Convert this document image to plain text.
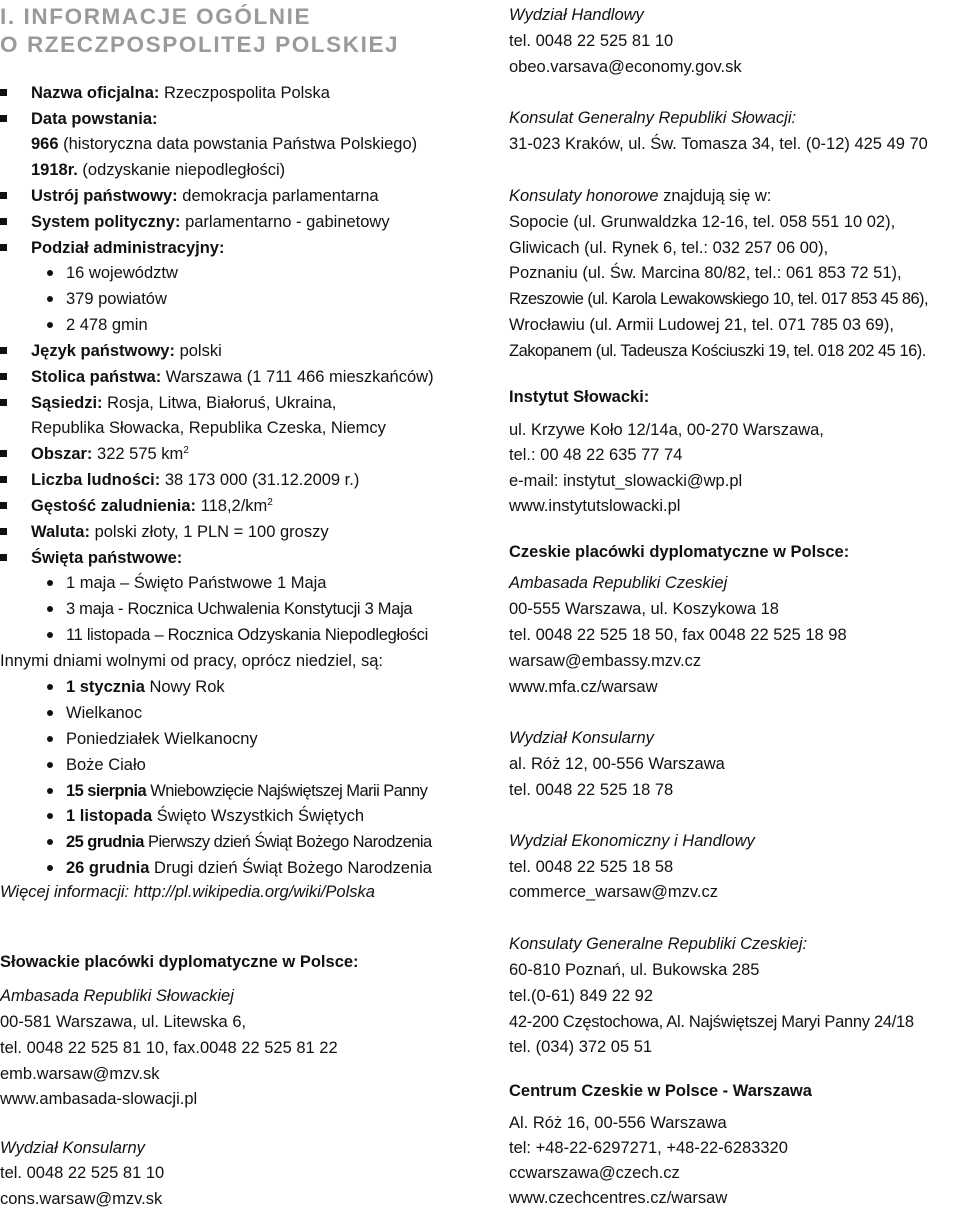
I. INFORMACJE OGÓLNIE
O RZECZPOSPOLITEJ POLSKIEJ
Nazwa oficjalna: Rzeczpospolita Polska
Data powstania:
966 (historyczna data powstania Państwa Polskiego)
1918r. (odzyskanie niepodległości)
Ustrój państwowy: demokracja parlamentarna
System polityczny: parlamentarno - gabinetowy
Podział administracyjny:
16 województw
379 powiatów
2 478 gmin
Język państwowy: polski
Stolica państwa: Warszawa (1 711 466 mieszkańców)
Sąsiedzi: Rosja, Litwa, Białoruś, Ukraina,
Republika Słowacka, Republika Czeska, Niemcy
Obszar: 322 575 $km^2$
Liczba ludności: 38 173 000 (31.12.2009 r.)
Gęstość zaludnienia: $118,2/km^2$
Waluta: polski złoty, 1 PLN = 100 groszy
Święta państwowe:
1 maja – Święto Państwowe 1 Maja
3 maja - Rocznica Uchwalenia Konstytucji 3 Maja
11 listopada – Rocznica Odzyskania Niepodległości
Innymi dniami wolnymi od pracy, oprócz niedziel, są:
1 stycznia Nowy Rok
Wielkanoc
Poniedziałek Wielkanocny
Boże Ciało
15 sierpnia Wniebowzięcie Najświętszej Marii Panny
1 listopada Święto Wszystkich Świętych
25 grudnia Pierwszy dzień Świąt Bożego Narodzenia
26 grudnia Drugi dzień Świąt Bożego Narodzenia
Więcej informacji: http://pl.wikipedia.org/wiki/Polska
Słowackie placówki dyplomatyczne w Polsce:
Ambasada Republiki Słowackiej
00-581 Warszawa, ul. Litewska 6,
tel. 0048 22 525 81 10, fax.0048 22 525 81 22
emb.warsaw@mzv.sk
www.ambasada-slowacji.pl
Wydział Konsularny
tel. 0048 22 525 81 10
cons.warsaw@mzv.sk
Wydział Handlowy
tel. 0048 22 525 81 10
obeo.varsava@economy.gov.sk
Konsulat Generalny Republiki Słowacji:
31-023 Kraków, ul. Św. Tomasza 34, tel. (0-12) 425 49 70
Konsulaty honorowe znajdują się w:
Sopocie (ul. Grunwaldzka 12-16, tel. 058 551 10 02),
Gliwicach (ul. Rynek 6, tel.: 032 257 06 00),
Poznaniu (ul. Św. Marcina 80/82, tel.: 061 853 72 51),
Rzeszowie (ul. Karola Lewakowskiego 10, tel. 017 853 45 86),
Wrocławiu (ul. Armii Ludowej 21, tel. 071 785 03 69),
Zakopanem (ul. Tadeusza Kościuszki 19, tel. 018 202 45 16).
Instytut Słowacki:
ul. Krzywe Koło 12/14a, 00-270 Warszawa,
tel.: 00 48 22 635 77 74
e-mail: instytut_slowacki@wp.pl
www.instytutslowacki.pl
Czeskie placówki dyplomatyczne w Polsce:
Ambasada Republiki Czeskiej
00-555 Warszawa, ul. Koszykowa 18
tel. 0048 22 525 18 50, fax 0048 22 525 18 98
warsaw@embassy.mzv.cz
www.mfa.cz/warsaw
Wydział Konsularny
al. Róż 12, 00-556 Warszawa
tel. 0048 22 525 18 78
Wydział Ekonomiczny i Handlowy
tel. 0048 22 525 18 58
commerce_warsaw@mzv.cz
Konsulaty Generalne Republiki Czeskiej:
60-810 Poznań, ul. Bukowska 285
tel.(0-61) 849 22 92
42-200 Częstochowa, Al. Najświętszej Maryi Panny 24/18
tel. (034) 372 05 51
Centrum Czeskie w Polsce - Warszawa
Al. Róż 16, 00-556 Warszawa
tel: +48-22-6297271, +48-22-6283320
ccwarszawa@czech.cz
www.czechcentres.cz/warsaw
